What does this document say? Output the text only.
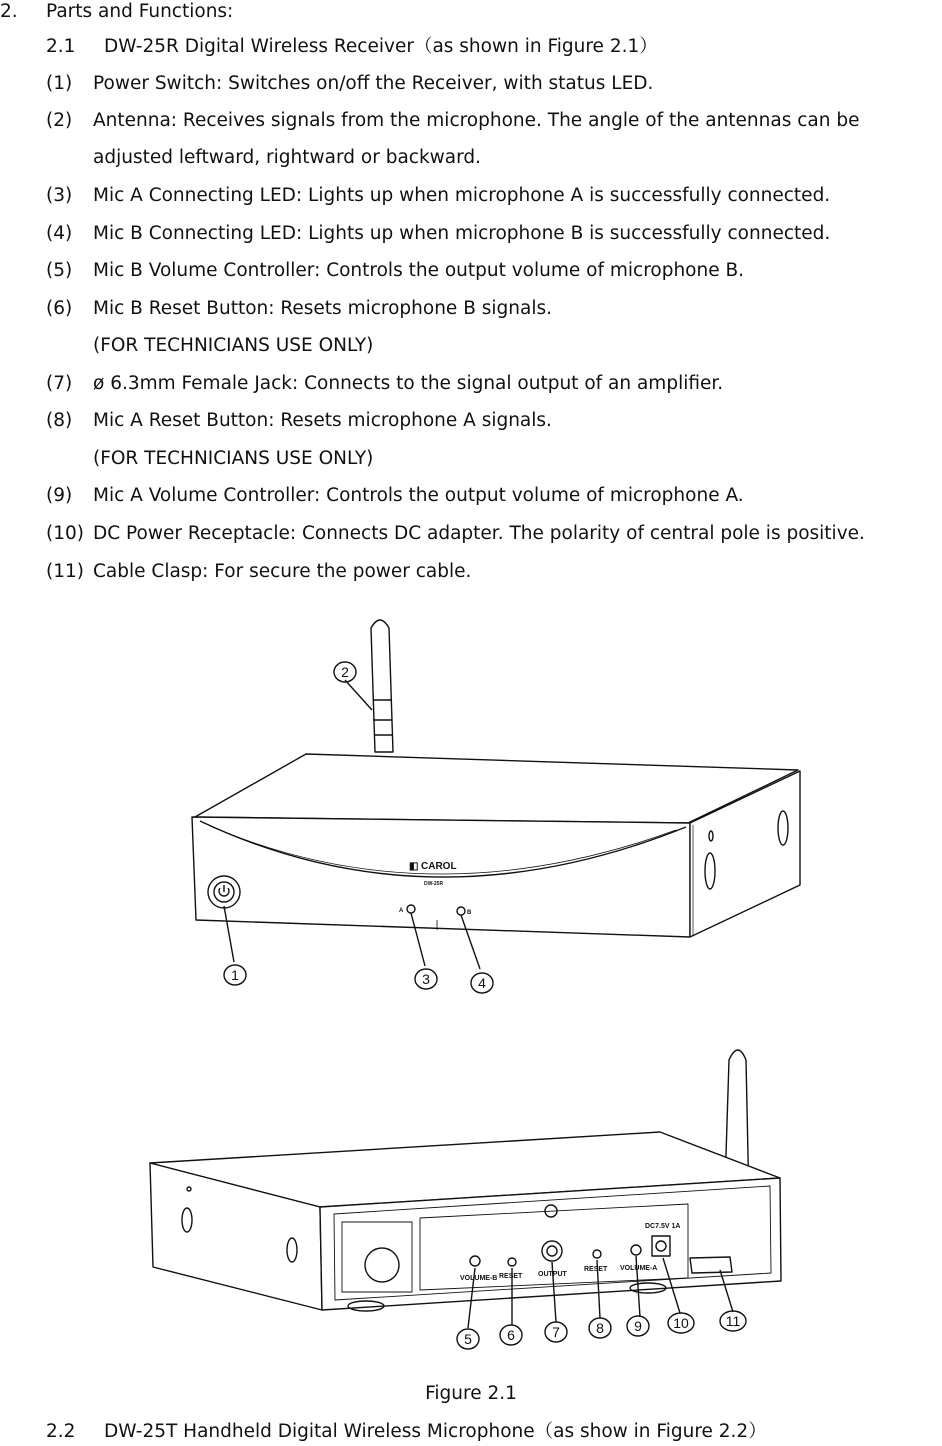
2. Parts and Functions:
2.1 DW-25R Digital Wireless Receiver（as shown in Figure 2.1）
(1) Power Switch: Switches on/off the Receiver, with status LED.
(2) Antenna: Receives signals from the microphone. The angle of the antennas can be
adjusted leftward, rightward or backward.
(3) Mic A Connecting LED: Lights up when microphone A is successfully connected.
(4) Mic B Connecting LED: Lights up when microphone B is successfully connected.
(5) Mic B Volume Controller: Controls the output volume of microphone B.
(6) Mic B Reset Button: Resets microphone B signals.
(FOR TECHNICIANS USE ONLY)
(7) ø 6.3mm Female Jack: Connects to the signal output of an amplifier.
(8) Mic A Reset Button: Resets microphone A signals.
(FOR TECHNICIANS USE ONLY)
(9) Mic A Volume Controller: Controls the output volume of microphone A.
(10) DC Power Receptacle: Connects DC adapter. The polarity of central pole is positive.
(11) Cable Clasp: For secure the power cable.
◧ CAROL
DW-25R
A	B
VOLUME-B RESET OUTPUT
RESET VOLUME-A
DC7.5V 1A
2
1	3	4
5	6	7	8 9 10	11
Figure 2.1
2.2 DW-25T Handheld Digital Wireless Microphone（as show in Figure 2.2）
